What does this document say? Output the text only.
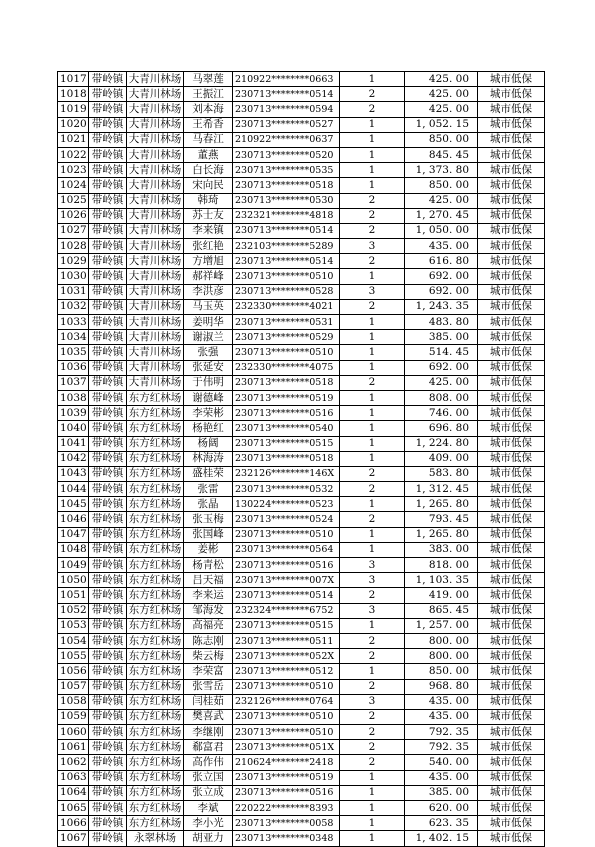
1017	带岭镇	大青川林场	马翠莲	210922********0663	1	425. 00	城市低保
1018	带岭镇	大青川林场	王振江	230713********0514	2	425. 00	城市低保
1019	带岭镇	大青川林场	刘本海	230713********0594	2	425. 00	城市低保
1020	带岭镇	大青川林场	王希香	230713********0527	1	1, 052. 15	城市低保
1021	带岭镇	大青川林场	马春江	210922********0637	1	850. 00	城市低保
1022	带岭镇	大青川林场	董燕	230713********0520	1	845. 45	城市低保
1023	带岭镇	大青川林场	白长海	230713********0535	1	1, 373. 80	城市低保
1024	带岭镇	大青川林场	宋向民	230713********0518	1	850. 00	城市低保
1025	带岭镇	大青川林场	韩琦	230713********0530	2	425. 00	城市低保
1026	带岭镇	大青川林场	苏士友	232321********4818	2	1, 270. 45	城市低保
1027	带岭镇	大青川林场	李来镇	230713********0514	2	1, 050. 00	城市低保
1028	带岭镇	大青川林场	张红艳	232103********5289	3	435. 00	城市低保
1029	带岭镇	大青川林场	方增旭	230713********0514	2	616. 80	城市低保
1030	带岭镇	大青川林场	郝祥峰	230713********0510	1	692. 00	城市低保
1031	带岭镇	大青川林场	李洪彦	230713********0528	3	692. 00	城市低保
1032	带岭镇	大青川林场	马玉英	232330********4021	2	1, 243. 35	城市低保
1033	带岭镇	大青川林场	姜明华	230713********0531	1	483. 80	城市低保
1034	带岭镇	大青川林场	谢淑兰	230713********0529	1	385. 00	城市低保
1035	带岭镇	大青川林场	张强	230713********0510	1	514. 45	城市低保
1036	带岭镇	大青川林场	张延安	232330********4075	1	692. 00	城市低保
1037	带岭镇	大青川林场	于伟明	230713********0518	2	425. 00	城市低保
1038	带岭镇	东方红林场	谢德峰	230713********0519	1	808. 00	城市低保
1039	带岭镇	东方红林场	李荣彬	230713********0516	1	746. 00	城市低保
1040	带岭镇	东方红林场	杨艳红	230713********0540	1	696. 80	城市低保
1041	带岭镇	东方红林场	杨阔	230713********0515	1	1, 224. 80	城市低保
1042	带岭镇	东方红林场	林海涛	230713********0518	1	409. 00	城市低保
1043	带岭镇	东方红林场	盛桂荣	232126********146X	2	583. 80	城市低保
1044	带岭镇	东方红林场	张雷	230713********0532	2	1, 312. 45	城市低保
1045	带岭镇	东方红林场	张晶	130224********0523	1	1, 265. 80	城市低保
1046	带岭镇	东方红林场	张玉梅	230713********0524	2	793. 45	城市低保
1047	带岭镇	东方红林场	张国峰	230713********0510	1	1, 265. 80	城市低保
1048	带岭镇	东方红林场	姜彬	230713********0564	1	383. 00	城市低保
1049	带岭镇	东方红林场	杨青松	230713********0516	3	818. 00	城市低保
1050	带岭镇	东方红林场	吕天福	230713********007X	3	1, 103. 35	城市低保
1051	带岭镇	东方红林场	李来运	230713********0514	2	419. 00	城市低保
1052	带岭镇	东方红林场	邹海发	232324********6752	3	865. 45	城市低保
1053	带岭镇	东方红林场	高福亮	230713********0515	1	1, 257. 00	城市低保
1054	带岭镇	东方红林场	陈志刚	230713********0511	2	800. 00	城市低保
1055	带岭镇	东方红林场	柴云梅	230713********052X	2	800. 00	城市低保
1056	带岭镇	东方红林场	李荣富	230713********0512	1	850. 00	城市低保
1057	带岭镇	东方红林场	张雪岳	230713********0510	2	968. 80	城市低保
1058	带岭镇	东方红林场	闫桂茹	232126********0764	3	435. 00	城市低保
1059	带岭镇	东方红林场	樊喜武	230713********0510	2	435. 00	城市低保
1060	带岭镇	东方红林场	李继刚	230713********0510	2	792. 35	城市低保
1061	带岭镇	东方红林场	郗富君	230713********051X	2	792. 35	城市低保
1062	带岭镇	东方红林场	高作伟	210624********2418	2	540. 00	城市低保
1063	带岭镇	东方红林场	张立国	230713********0519	1	435. 00	城市低保
1064	带岭镇	东方红林场	张立成	230713********0516	1	385. 00	城市低保
1065	带岭镇	东方红林场	李斌	220222********8393	1	620. 00	城市低保
1066	带岭镇	东方红林场	李小光	230713********0058	1	623. 35	城市低保
1067	带岭镇	永翠林场	胡亚力	230713********0348	1	1, 402. 15	城市低保
